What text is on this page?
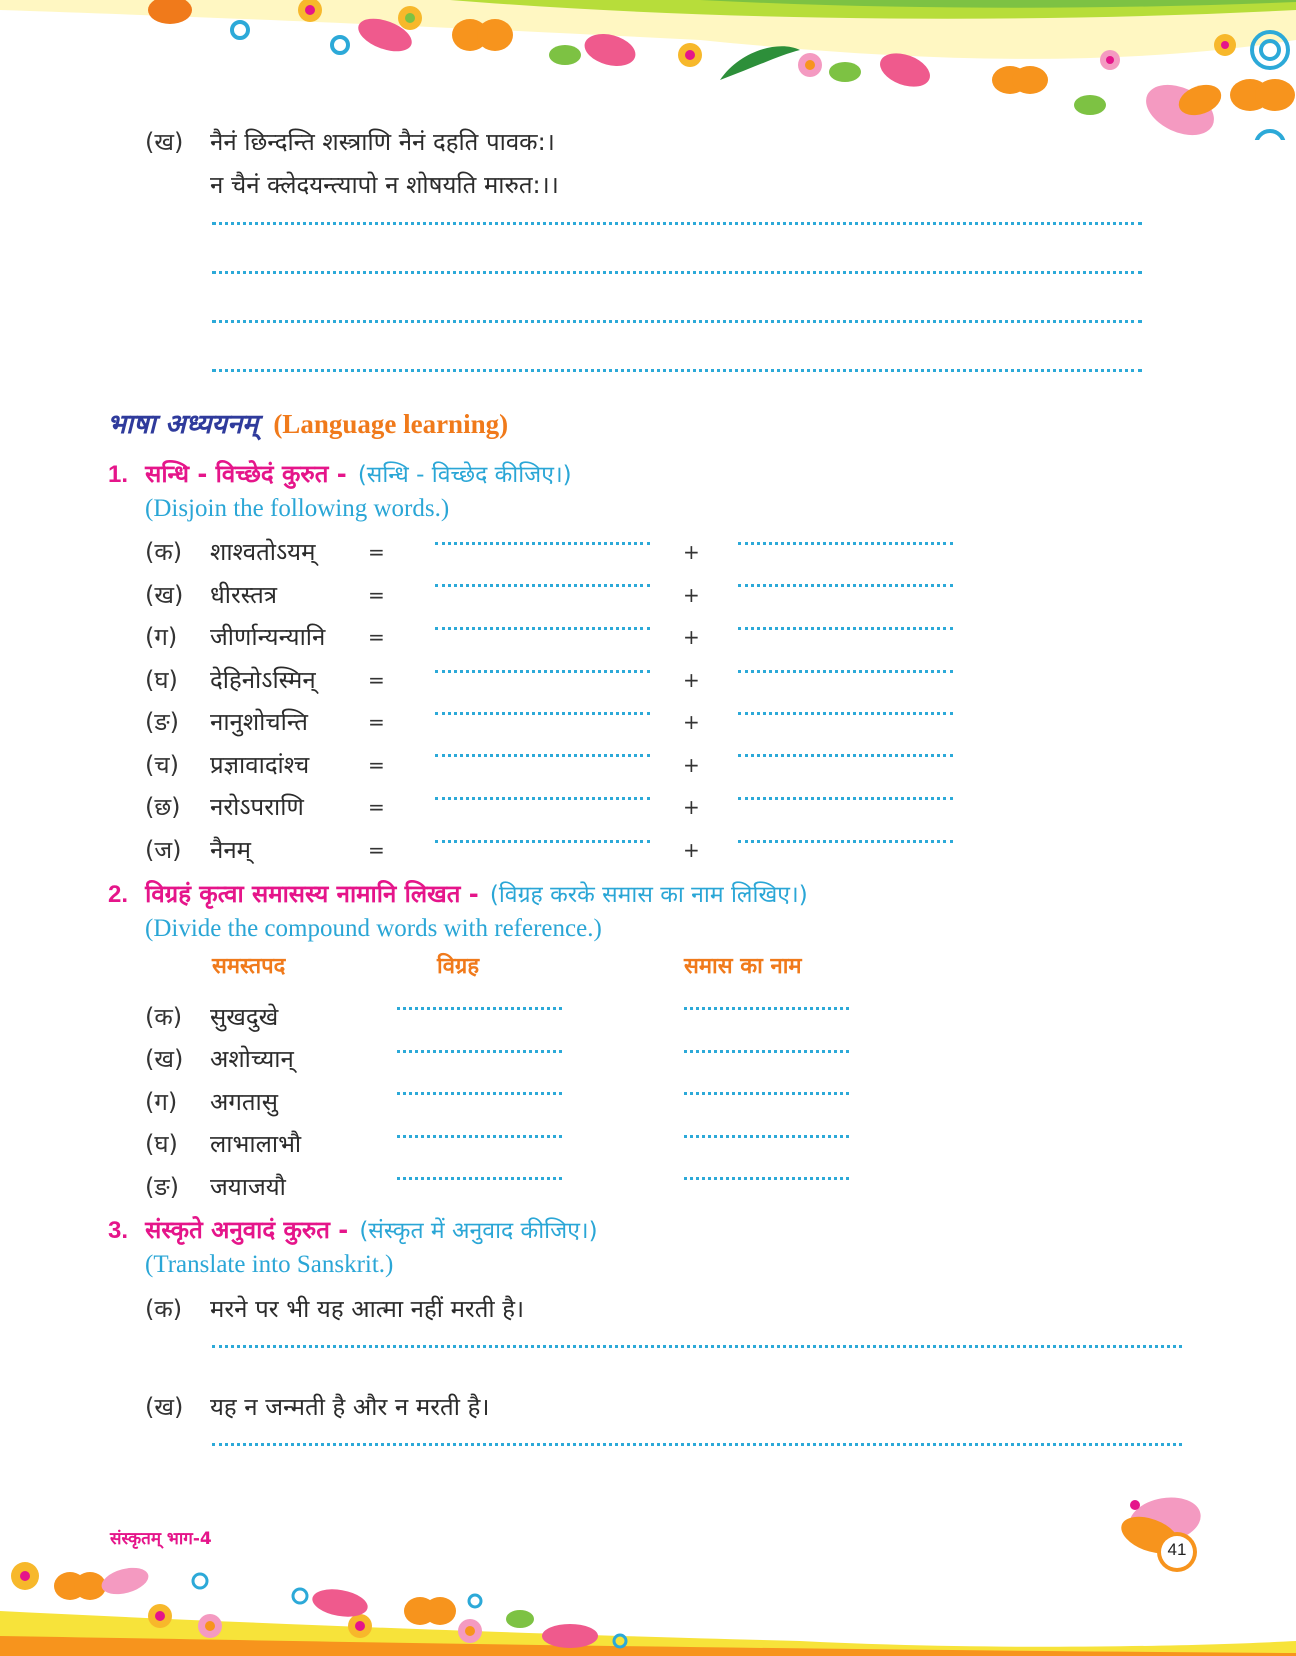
(ख) नैनं छिन्दन्ति शस्त्राणि नैनं दहति पावक:।
न चैनं क्लेदयन्त्यापो न शोषयति मारुत:।।
भाषा अध्ययनम् (Language learning)
1. सन्धि - विच्छेदं कुरुत - (सन्धि - विच्छेद कीजिए।)
(Disjoin the following words.)
(क) शाश्वतोऽयम्	=	+
(ख) धीरस्तत्र	=	+
(ग) जीर्णान्यन्यानि =	+
(घ) देहिनोऽस्मिन्	=	+
(ङ) नानुशोचन्ति	=	+
(च) प्रज्ञावादांश्च	=	+
(छ) नरोऽपराणि	=	+
(ज) नैनम्	=	+
2. विग्रहं कृत्वा समासस्य नामानि लिखत - (विग्रह करके समास का नाम लिखिए।)
(Divide the compound words with reference.)
समस्तपद	विग्रह	समास का नाम
(क) सुखदुखे
(ख) अशोच्यान्
(ग) अगतासु
(घ) लाभालाभौ
(ङ) जयाजयौ
3. संस्कृते अनुवादं कुरुत - (संस्कृत में अनुवाद कीजिए।)
(Translate into Sanskrit.)
(क) मरने पर भी यह आत्मा नहीं मरती है।
(ख) यह न जन्मती है और न मरती है।
संस्कृतम् भाग-4
41
